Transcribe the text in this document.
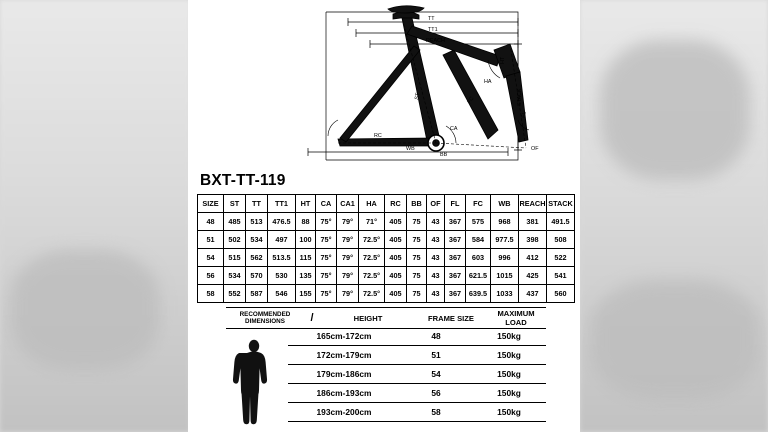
TT
TT1
REACH
STACK
HT
ST
WB
RC
BB
FC
FL
OF
CA
HA
BXT-TT-119
SIZE	ST	TT	TT1	HT	CA	CA1	HA	RC	BB	OF	FL	FC	WB	REACH	STACK
48	485	513	476.5	88	75°	79°	71°	405	75	43	367	575	968	381	491.5
51	502	534	497	100	75°	79°	72.5°	405	75	43	367	584	977.5	398	508
54	515	562	513.5	115	75°	79°	72.5°	405	75	43	367	603	996	412	522
56	534	570	530	135	75°	79°	72.5°	405	75	43	367	621.5	1015	425	541
58	552	587	546	155	75°	79°	72.5°	405	75	43	367	639.5	1033	437	560
RECOMMENDED
DIMENSIONS	/	HEIGHT	FRAME SIZE	MAXIMUM LOAD
165cm-172cm	48	150kg
172cm-179cm	51	150kg
179cm-186cm	54	150kg
186cm-193cm	56	150kg
193cm-200cm	58	150kg
